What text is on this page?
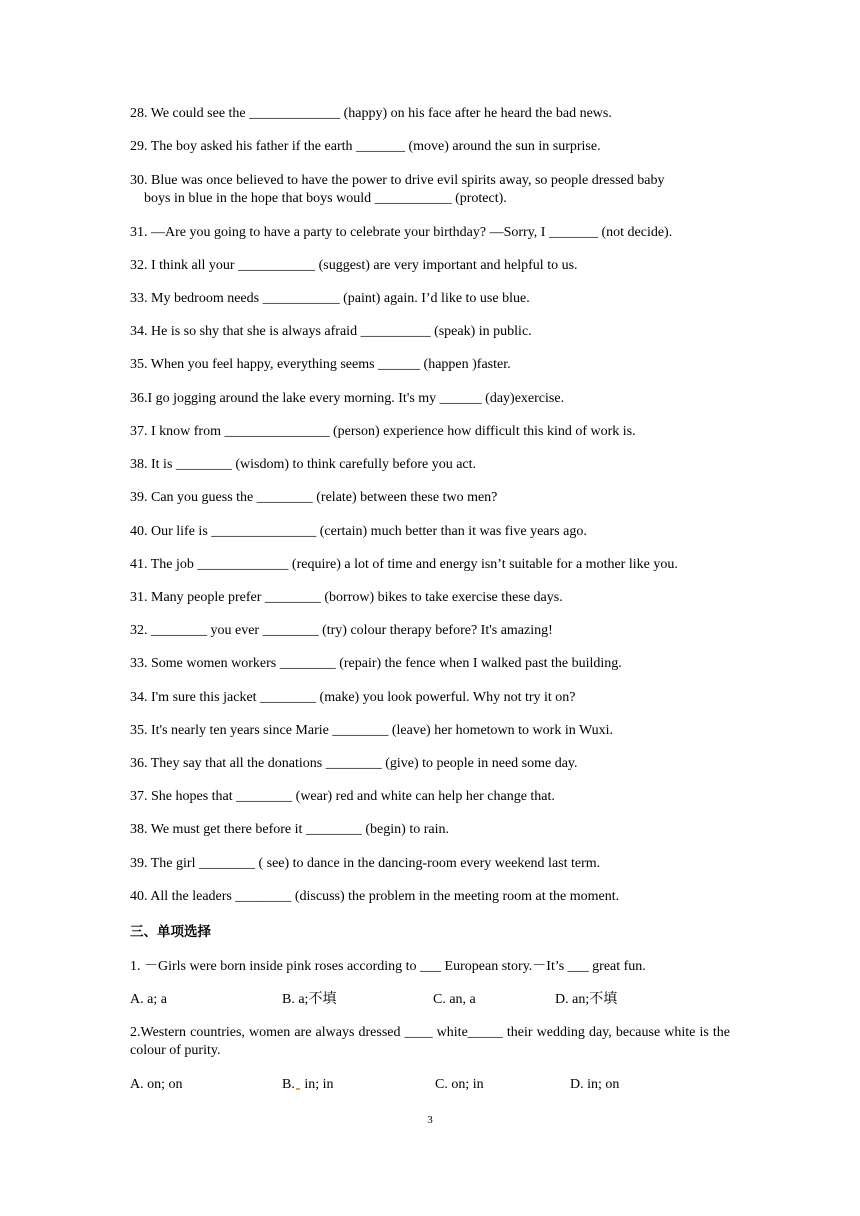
28. We could see the _____________ (happy) on his face after he heard the bad news.
29. The boy asked his father if the earth _______ (move) around the sun in surprise.
30. Blue was once believed to have the power to drive evil spirits away, so people dressed baby
boys in blue in the hope that boys would ___________ (protect).
31. —Are you going to have a party to celebrate your birthday? —Sorry, I _______ (not decide).
32. I think all your ___________ (suggest) are very important and helpful to us.
33. My bedroom needs ___________ (paint) again. I’d like to use blue.
34. He is so shy that she is always afraid __________ (speak) in public.
35. When you feel happy, everything seems ______ (happen )faster.
36.I go jogging around the lake every morning. It's my ______ (day)exercise.
37. I know from _______________ (person) experience how difficult this kind of work is.
38. It is ________ (wisdom) to think carefully before you act.
39. Can you guess the ________ (relate) between these two men?
40. Our life is _______________ (certain) much better than it was five years ago.
41. The job _____________ (require) a lot of time and energy isn’t suitable for a mother like you.
31. Many people prefer ________ (borrow) bikes to take exercise these days.
32. ________ you ever ________ (try) colour therapy before? It's amazing!
33. Some women workers ________ (repair) the fence when I walked past the building.
34. I'm sure this jacket ________ (make) you look powerful. Why not try it on?
35. It's nearly ten years since Marie ________ (leave) her hometown to work in Wuxi.
36. They say that all the donations ________ (give) to people in need some day.
37. She hopes that ________ (wear) red and white can help her change that.
38. We must get there before it ________ (begin) to rain.
39. The girl ________ ( see) to dance in the dancing-room every weekend last term.
40. All the leaders ________ (discuss) the problem in the meeting room at the moment.
三、单项选择
1. －Girls were born inside pink roses according to ___ European story.－It’s ___ great fun.
A. a; a	B. a;不填	C. an, a	D. an;不填
2.Western countries, women are always dressed ____ white_____ their wedding day, because white is the colour of purity.
A. on; on	B. in; in	C. on; in	D. in; on
3
